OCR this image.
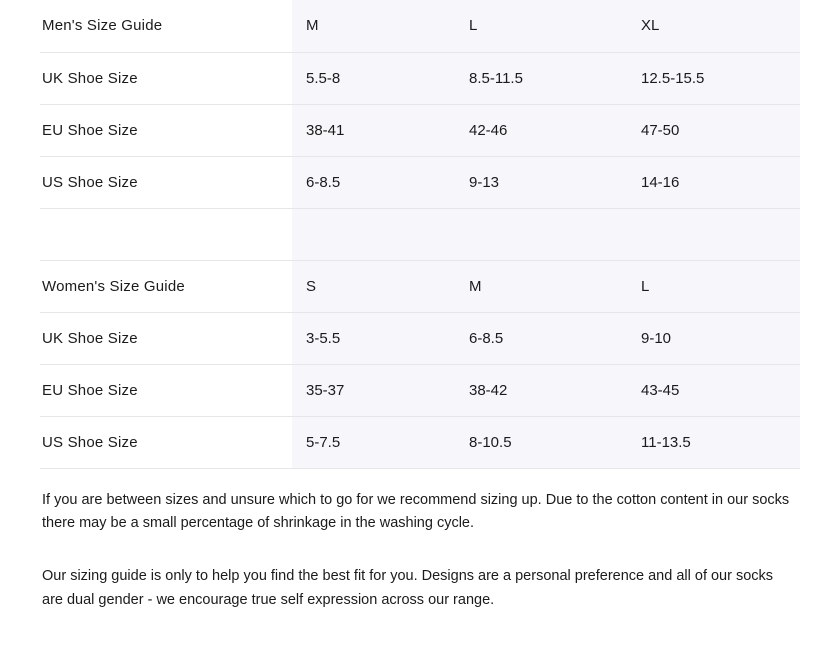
Men's Size Guide	M	L	XL
UK Shoe Size	5.5-8	8.5-11.5	12.5-15.5
EU Shoe Size	38-41	42-46	47-50
US Shoe Size	6-8.5	9-13	14-16

Women's Size Guide	S	M	L
UK Shoe Size	3-5.5	6-8.5	9-10
EU Shoe Size	35-37	38-42	43-45
US Shoe Size	5-7.5	8-10.5	11-13.5

If you are between sizes and unsure which to go for we recommend sizing up. Due to the cotton content in our socks there may be a small percentage of shrinkage in the washing cycle.

Our sizing guide is only to help you find the best fit for you. Designs are a personal preference and all of our socks are dual gender - we encourage true self expression across our range.
